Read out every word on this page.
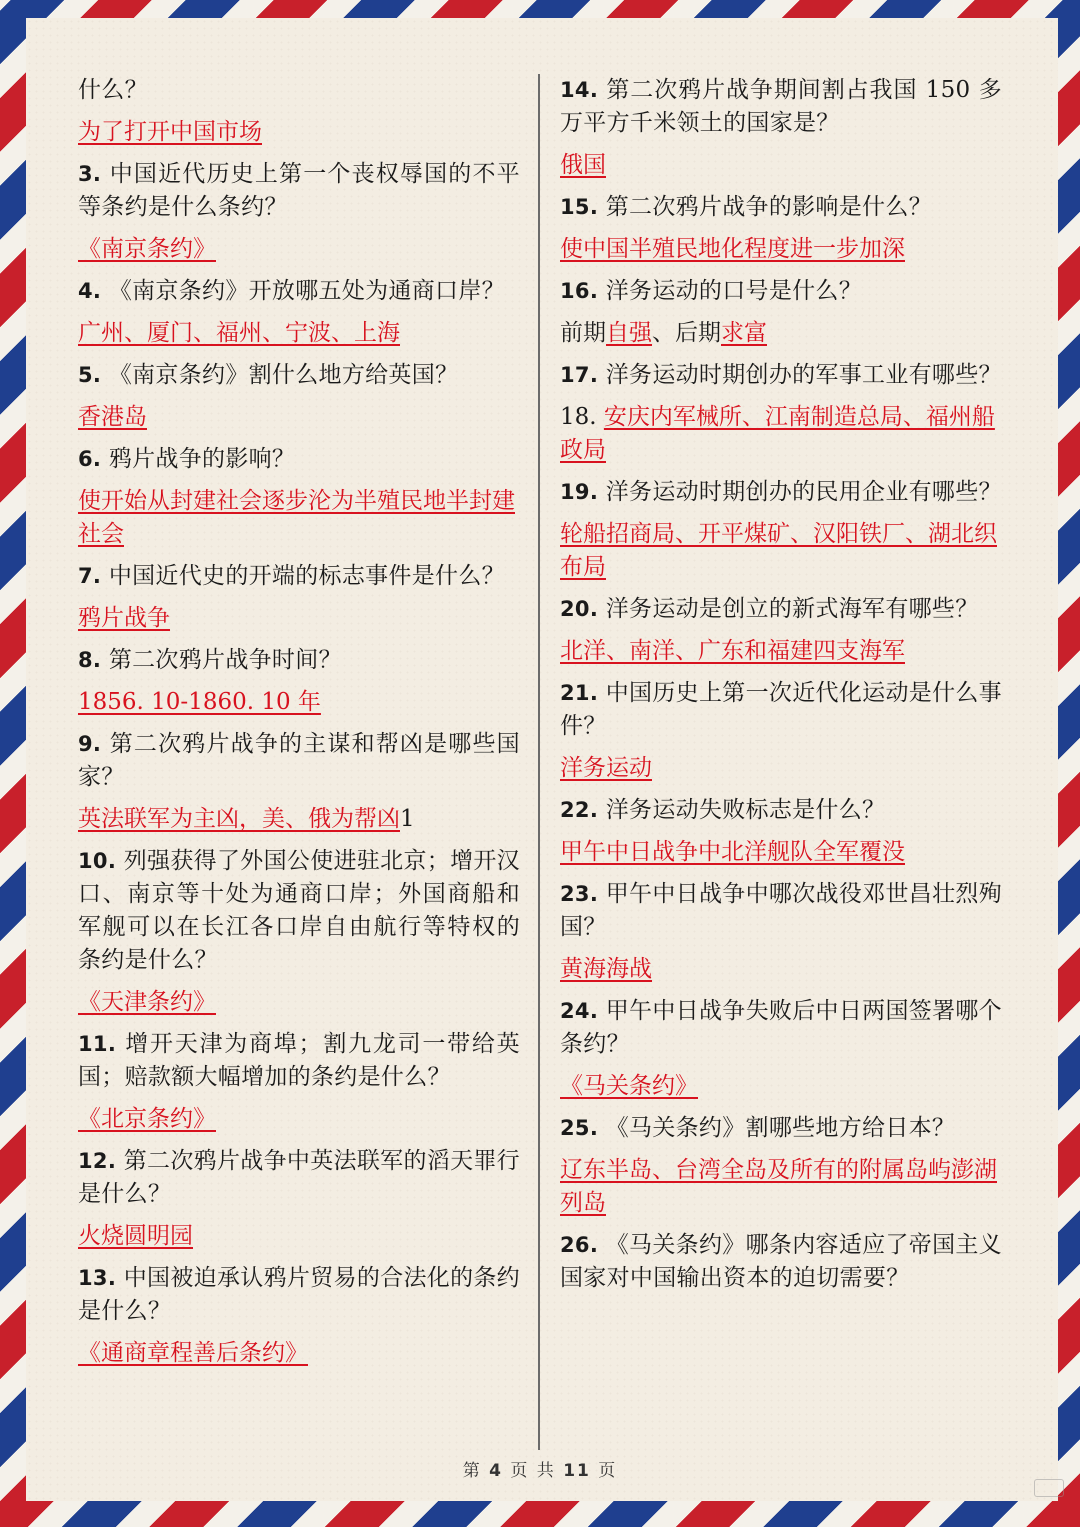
什么？

为了打开中国市场

3. 中国近代历史上第一个丧权辱国的不平等条约是什么条约？

《南京条约》

4. 《南京条约》开放哪五处为通商口岸？

广州、厦门、福州、宁波、上海

5. 《南京条约》割什么地方给英国？

香港岛

6. 鸦片战争的影响？

使开始从封建社会逐步沦为半殖民地半封建社会

7. 中国近代史的开端的标志事件是什么？

鸦片战争

8. 第二次鸦片战争时间？

1856. 10-1860. 10 年

9. 第二次鸦片战争的主谋和帮凶是哪些国家？

英法联军为主凶，美、俄为帮凶1

10. 列强获得了外国公使进驻北京；增开汉口、南京等十处为通商口岸；外国商船和军舰可以在长江各口岸自由航行等特权的条约是什么？

《天津条约》

11. 增开天津为商埠；割九龙司一带给英国；赔款额大幅增加的条约是什么？

《北京条约》

12. 第二次鸦片战争中英法联军的滔天罪行是什么？

火烧圆明园

13. 中国被迫承认鸦片贸易的合法化的条约是什么？

《通商章程善后条约》

14. 第二次鸦片战争期间割占我国 150 多万平方千米领土的国家是？

俄国

15. 第二次鸦片战争的影响是什么？

使中国半殖民地化程度进一步加深

16. 洋务运动的口号是什么？

前期自强、后期求富

17. 洋务运动时期创办的军事工业有哪些？

18. 安庆内军械所、江南制造总局、福州船政局

19. 洋务运动时期创办的民用企业有哪些？

轮船招商局、开平煤矿、汉阳铁厂、湖北织布局

20. 洋务运动是创立的新式海军有哪些？

北洋、南洋、广东和福建四支海军

21. 中国历史上第一次近代化运动是什么事件？

洋务运动

22. 洋务运动失败标志是什么？

甲午中日战争中北洋舰队全军覆没

23. 甲午中日战争中哪次战役邓世昌壮烈殉国？

黄海海战

24. 甲午中日战争失败后中日两国签署哪个条约？

《马关条约》

25. 《马关条约》割哪些地方给日本？

辽东半岛、台湾全岛及所有的附属岛屿澎湖列岛

26. 《马关条约》哪条内容适应了帝国主义国家对中国输出资本的迫切需要？

第 4 页 共 11 页
